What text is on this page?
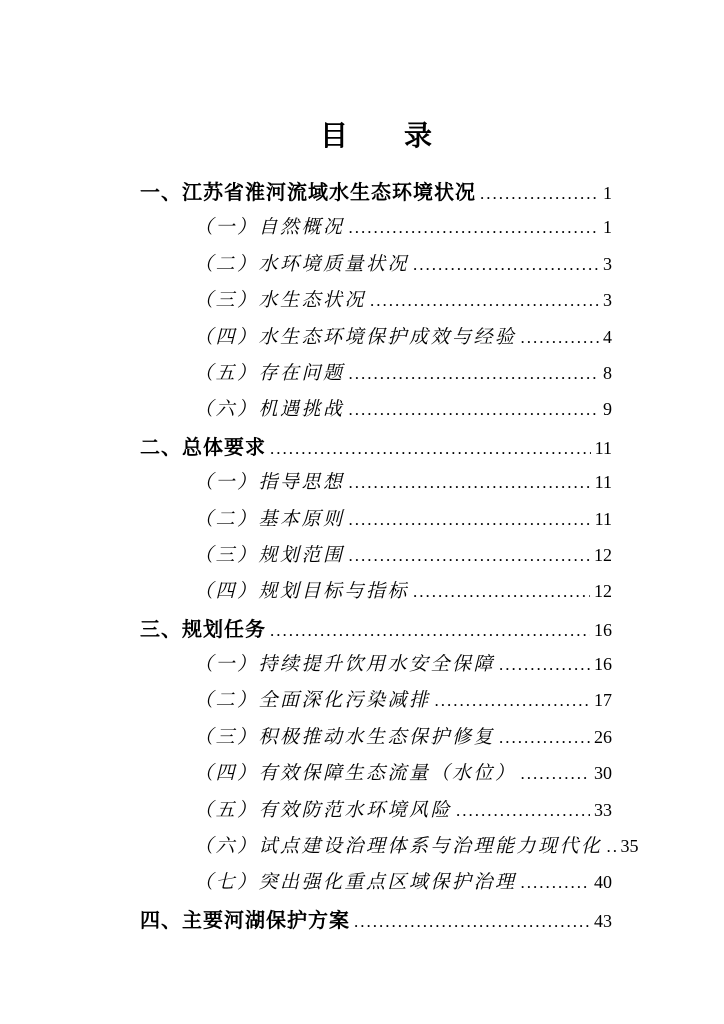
目　　录
一、江苏省淮河流域水生态环境状况 .....	1
（一）自然概况 .....	1
（二）水环境质量状况 .....	3
（三）水生态状况 .....	3
（四）水生态环境保护成效与经验 .....	4
（五）存在问题 .....	8
（六）机遇挑战 .....	9
二、总体要求 .....	11
（一）指导思想 .....	11
（二）基本原则 .....	11
（三）规划范围 .....	12
（四）规划目标与指标 .....	12
三、规划任务 .....	16
（一）持续提升饮用水安全保障 .....	16
（二）全面深化污染减排 .....	17
（三）积极推动水生态保护修复 .....	26
（四）有效保障生态流量（水位） .....	30
（五）有效防范水环境风险 .....	33
（六）试点建设治理体系与治理能力现代化 ..... 35
（七）突出强化重点区域保护治理 .....	40
四、主要河湖保护方案 .....	43
